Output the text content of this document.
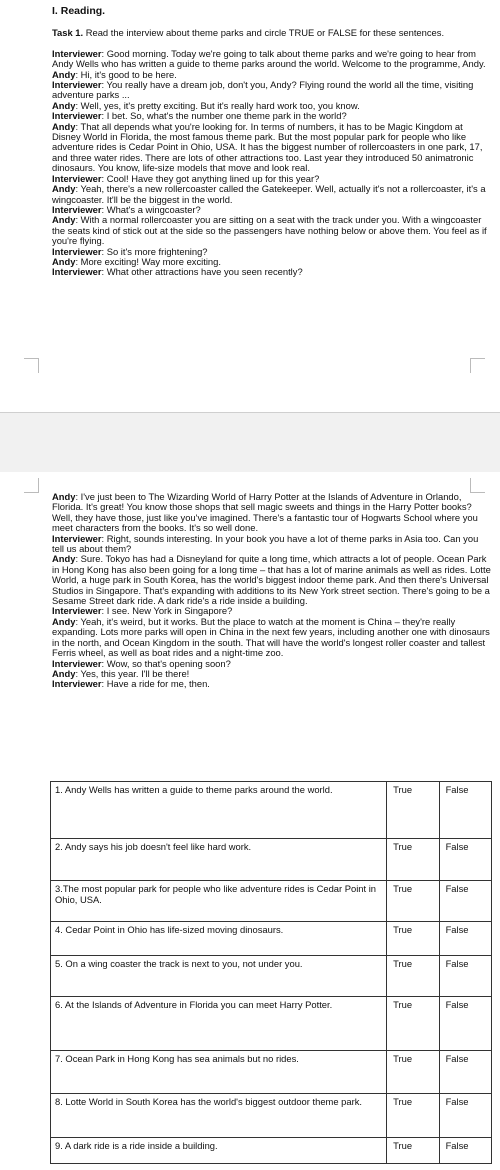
I. Reading.
Task 1. Read the interview about theme parks and circle TRUE or FALSE for these sentences.

Interviewer: Good morning. Today we're going to talk about theme parks and we're going to hear from Andy Wells who has written a guide to theme parks around the world. Welcome to the programme, Andy.

Andy: Hi, it's good to be here.

Interviewer: You really have a dream job, don't you, Andy? Flying round the world all the time, visiting adventure parks ...

Andy: Well, yes, it's pretty exciting. But it's really hard work too, you know.

Interviewer: I bet. So, what's the number one theme park in the world?

Andy: That all depends what you're looking for. In terms of numbers, it has to be Magic Kingdom at Disney World in Florida, the most famous theme park. But the most popular park for people who like adventure rides is Cedar Point in Ohio, USA. It has the biggest number of rollercoasters in one park, 17, and three water rides. There are lots of other attractions too. Last year they introduced 50 animatronic dinosaurs. You know, life-size models that move and look real.

Interviewer: Cool! Have they got anything lined up for this year?

Andy: Yeah, there's a new rollercoaster called the Gatekeeper. Well, actually it's not a rollercoaster, it's a wingcoaster. It'll be the biggest in the world.

Interviewer: What's a wingcoaster?

Andy: With a normal rollercoaster you are sitting on a seat with the track under you. With a wingcoaster the seats kind of stick out at the side so the passengers have nothing below or above them. You feel as if you're flying.

Interviewer: So it's more frightening?

Andy: More exciting! Way more exciting.

Interviewer: What other attractions have you seen recently?

Andy: I've just been to The Wizarding World of Harry Potter at the Islands of Adventure in Orlando, Florida. It's great! You know those shops that sell magic sweets and things in the Harry Potter books? Well, they have those, just like you've imagined. There's a fantastic tour of Hogwarts School where you meet characters from the books. It's so well done.

Interviewer: Right, sounds interesting. In your book you have a lot of theme parks in Asia too. Can you tell us about them?

Andy: Sure. Tokyo has had a Disneyland for quite a long time, which attracts a lot of people. Ocean Park in Hong Kong has also been going for a long time – that has a lot of marine animals as well as rides. Lotte World, a huge park in South Korea, has the world's biggest indoor theme park. And then there's Universal Studios in Singapore. That's expanding with additions to its New York street section. There's going to be a Sesame Street dark ride. A dark ride's a ride inside a building.

Interviewer: I see. New York in Singapore?

Andy: Yeah, it's weird, but it works. But the place to watch at the moment is China – they're really expanding. Lots more parks will open in China in the next few years, including another one with dinosaurs in the north, and Ocean Kingdom in the south. That will have the world's longest roller coaster and tallest Ferris wheel, as well as boat rides and a night-time zoo.

Interviewer: Wow, so that's opening soon?

Andy: Yes, this year. I'll be there!

Interviewer: Have a ride for me, then.

1. Andy Wells has written a guide to theme parks around the world.	True	False
2. Andy says his job doesn't feel like hard work.	True	False
3.The most popular park for people who like adventure rides is Cedar Point in Ohio, USA.	True	False
4. Cedar Point in Ohio has life-sized moving dinosaurs.	True	False
5. On a wing coaster the track is next to you, not under you.	True	False
6. At the Islands of Adventure in Florida you can meet Harry Potter.	True	False
7. Ocean Park in Hong Kong has sea animals but no rides.	True	False
8. Lotte World in South Korea has the world's biggest outdoor theme park.	True	False
9. A dark ride is a ride inside a building.	True	False
